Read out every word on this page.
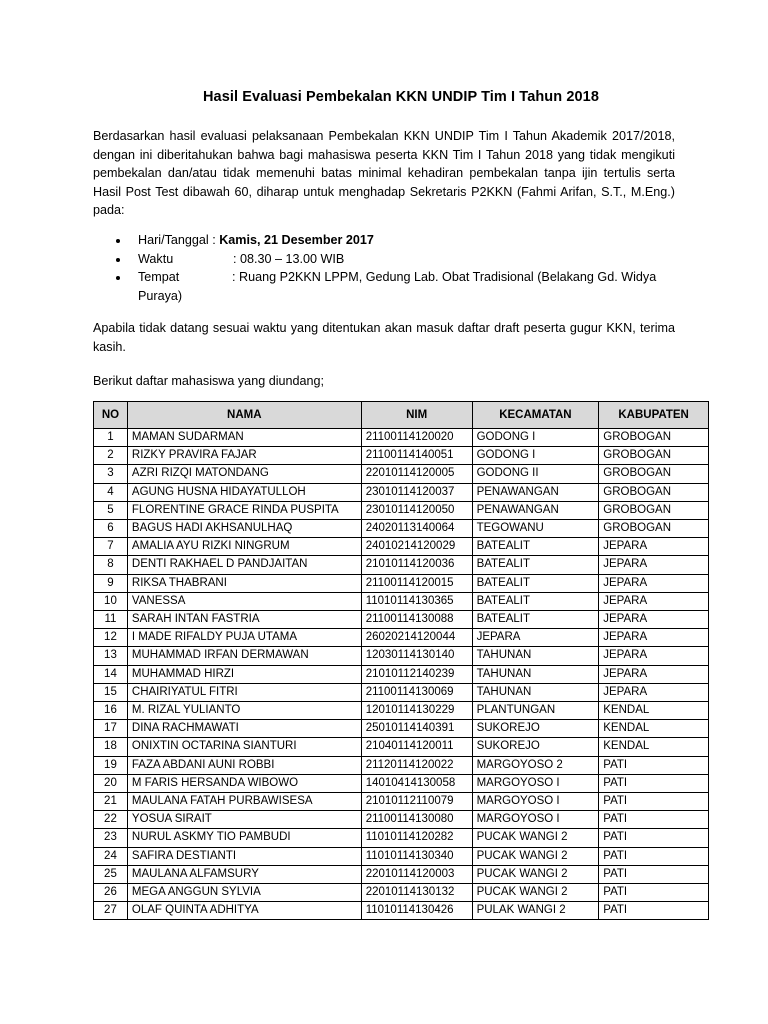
Hasil Evaluasi Pembekalan KKN UNDIP Tim I Tahun 2018
Berdasarkan hasil evaluasi pelaksanaan Pembekalan KKN UNDIP Tim I Tahun Akademik 2017/2018, dengan ini diberitahukan bahwa bagi mahasiswa peserta KKN Tim I Tahun 2018 yang tidak mengikuti pembekalan dan/atau tidak memenuhi batas minimal kehadiran pembekalan tanpa ijin tertulis serta Hasil Post Test dibawah 60, diharap untuk menghadap Sekretaris P2KKN (Fahmi Arifan, S.T., M.Eng.) pada:
Hari/Tanggal : Kamis, 21 Desember 2017
Waktu	: 08.30 – 13.00 WIB
Tempat	: Ruang P2KKN LPPM, Gedung Lab. Obat Tradisional (Belakang Gd. Widya
Puraya)
Apabila tidak datang sesuai waktu yang ditentukan akan masuk daftar draft peserta gugur KKN, terima kasih.
Berikut daftar mahasiswa yang diundang;
NO	NAMA	NIM	KECAMATAN	KABUPATEN
1	MAMAN SUDARMAN	21100114120020	GODONG I	GROBOGAN
2	RIZKY PRAVIRA FAJAR	21100114140051	GODONG I	GROBOGAN
3	AZRI RIZQI MATONDANG	22010114120005	GODONG II	GROBOGAN
4	AGUNG HUSNA HIDAYATULLOH	23010114120037	PENAWANGAN	GROBOGAN
5	FLORENTINE GRACE RINDA PUSPITA	23010114120050	PENAWANGAN	GROBOGAN
6	BAGUS HADI AKHSANULHAQ	24020113140064	TEGOWANU	GROBOGAN
7	AMALIA AYU RIZKI NINGRUM	24010214120029	BATEALIT	JEPARA
8	DENTI RAKHAEL D PANDJAITAN	21010114120036	BATEALIT	JEPARA
9	RIKSA THABRANI	21100114120015	BATEALIT	JEPARA
10	VANESSA	11010114130365	BATEALIT	JEPARA
11	SARAH INTAN FASTRIA	21100114130088	BATEALIT	JEPARA
12	I MADE RIFALDY PUJA UTAMA	26020214120044	JEPARA	JEPARA
13	MUHAMMAD IRFAN DERMAWAN	12030114130140	TAHUNAN	JEPARA
14	MUHAMMAD HIRZI	21010112140239	TAHUNAN	JEPARA
15	CHAIRIYATUL FITRI	21100114130069	TAHUNAN	JEPARA
16	M. RIZAL YULIANTO	12010114130229	PLANTUNGAN	KENDAL
17	DINA RACHMAWATI	25010114140391	SUKOREJO	KENDAL
18	ONIXTIN OCTARINA SIANTURI	21040114120011	SUKOREJO	KENDAL
19	FAZA ABDANI AUNI ROBBI	21120114120022	MARGOYOSO 2	PATI
20	M FARIS HERSANDA WIBOWO	14010414130058	MARGOYOSO I	PATI
21	MAULANA FATAH PURBAWISESA	21010112110079	MARGOYOSO I	PATI
22	YOSUA SIRAIT	21100114130080	MARGOYOSO I	PATI
23	NURUL ASKMY TIO PAMBUDI	11010114120282	PUCAK WANGI 2	PATI
24	SAFIRA DESTIANTI	11010114130340	PUCAK WANGI 2	PATI
25	MAULANA ALFAMSURY	22010114120003	PUCAK WANGI 2	PATI
26	MEGA ANGGUN SYLVIA	22010114130132	PUCAK WANGI 2	PATI
27	OLAF QUINTA ADHITYA	11010114130426	PULAK WANGI 2	PATI
